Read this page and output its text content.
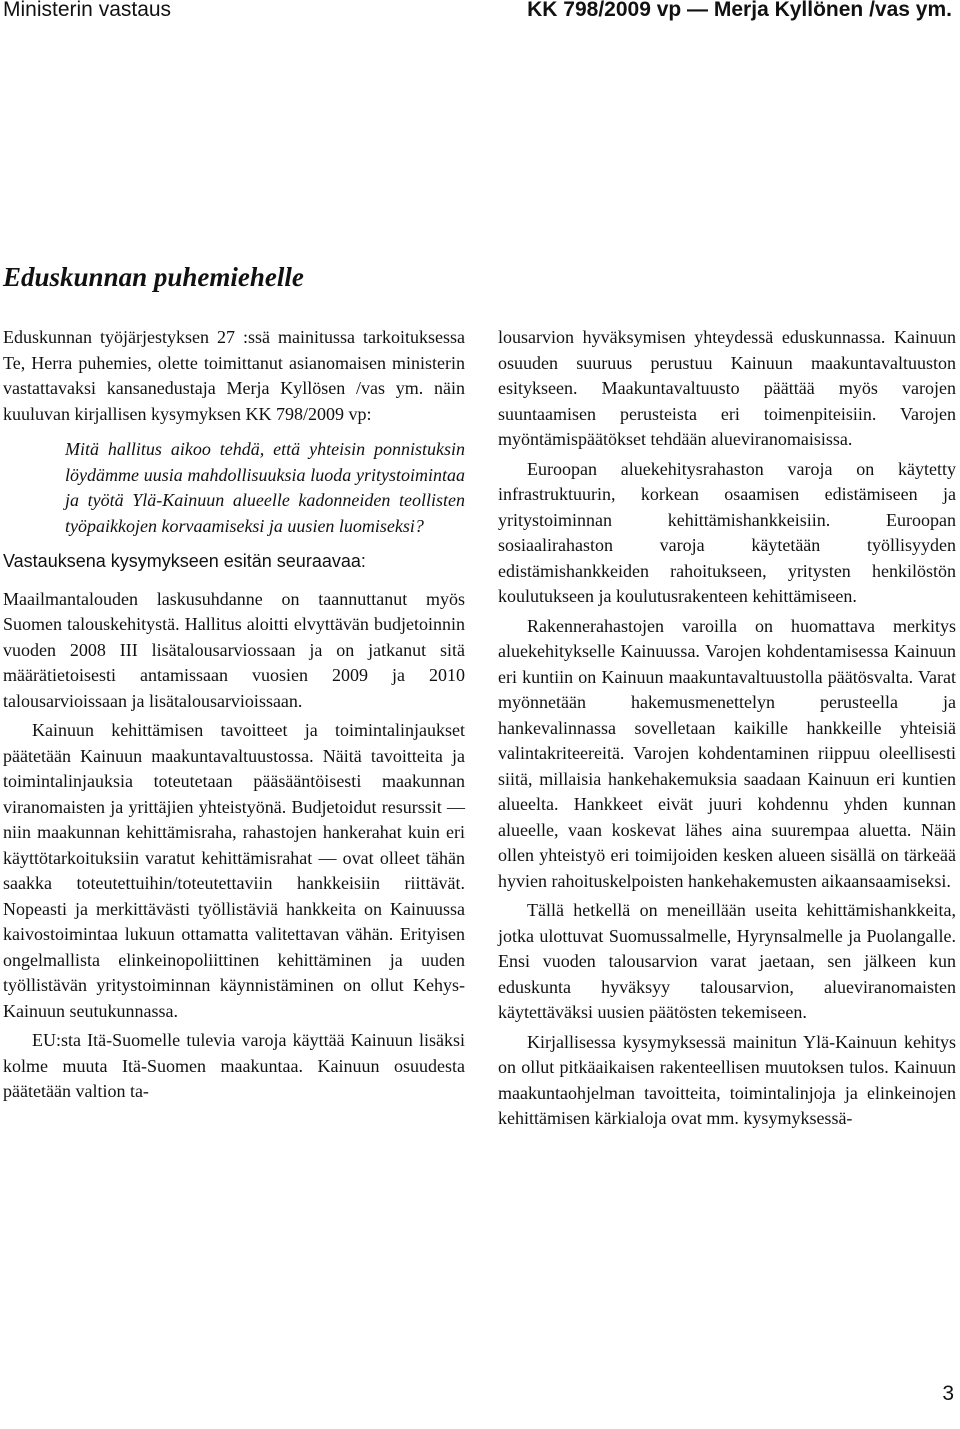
Ministerin vastaus	KK 798/2009 vp — Merja Kyllönen /vas ym.
Eduskunnan puhemiehelle

Eduskunnan työjärjestyksen 27 :ssä mainitussa tarkoituksessa Te, Herra puhemies, olette toimittanut asianomaisen ministerin vastattavaksi kansanedustaja Merja Kyllösen /vas ym. näin kuuluvan kirjallisen kysymyksen KK 798/2009 vp:

Mitä hallitus aikoo tehdä, että yhteisin ponnistuksin löydämme uusia mahdollisuuksia luoda yritystoimintaa ja työtä Ylä-Kainuun alueelle kadonneiden teollisten työpaikkojen korvaamiseksi ja uusien luomiseksi?

Vastauksena kysymykseen esitän seuraavaa:

Maailmantalouden laskusuhdanne on taannuttanut myös Suomen talouskehitystä. Hallitus aloitti elvyttävän budjetoinnin vuoden 2008 III lisätalousarviossaan ja on jatkanut sitä määrätietoisesti antamissaan vuosien 2009 ja 2010 talousarvioissaan ja lisätalousarvioissaan.

Kainuun kehittämisen tavoitteet ja toimintalinjaukset päätetään Kainuun maakuntavaltuustossa. Näitä tavoitteita ja toimintalinjauksia toteutetaan pääsääntöisesti maakunnan viranomaisten ja yrittäjien yhteistyönä. Budjetoidut resurssit — niin maakunnan kehittämisraha, rahastojen hankerahat kuin eri käyttötarkoituksiin varatut kehittämisrahat — ovat olleet tähän saakka toteutettuihin/toteutettaviin hankkeisiin riittävät. Nopeasti ja merkittävästi työllistäviä hankkeita on Kainuussa kaivostoimintaa lukuun ottamatta valitettavan vähän. Erityisen ongelmallista elinkeinopoliittinen kehittäminen ja uuden työllistävän yritystoiminnan käynnistäminen on ollut Kehys-Kainuun seutukunnassa.

EU:sta Itä-Suomelle tulevia varoja käyttää Kainuun lisäksi kolme muuta Itä-Suomen maakuntaa. Kainuun osuudesta päätetään valtion ta-

lousarvion hyväksymisen yhteydessä eduskunnassa. Kainuun osuuden suuruus perustuu Kainuun maakuntavaltuuston esitykseen. Maakuntavaltuusto päättää myös varojen suuntaamisen perusteista eri toimenpiteisiin. Varojen myöntämispäätökset tehdään alueviranomaisissa.

Euroopan aluekehitysrahaston varoja on käytetty infrastruktuurin, korkean osaamisen edistämiseen ja yritystoiminnan kehittämishankkeisiin. Euroopan sosiaalirahaston varoja käytetään työllisyyden edistämishankkeiden rahoitukseen, yritysten henkilöstön koulutukseen ja koulutusrakenteen kehittämiseen.

Rakennerahastojen varoilla on huomattava merkitys aluekehitykselle Kainuussa. Varojen kohdentamisessa Kainuun eri kuntiin on Kainuun maakuntavaltuustolla päätösvalta. Varat myönnetään hakemusmenettelyn perusteella ja hankevalinnassa sovelletaan kaikille hankkeille yhteisiä valintakriteereitä. Varojen kohdentaminen riippuu oleellisesti siitä, millaisia hankehakemuksia saadaan Kainuun eri kuntien alueelta. Hankkeet eivät juuri kohdennu yhden kunnan alueelle, vaan koskevat lähes aina suurempaa aluetta. Näin ollen yhteistyö eri toimijoiden kesken alueen sisällä on tärkeää hyvien rahoituskelpoisten hankehakemusten aikaansaamiseksi.

Tällä hetkellä on meneillään useita kehittämishankkeita, jotka ulottuvat Suomussalmelle, Hyrynsalmelle ja Puolangalle. Ensi vuoden talousarvion varat jaetaan, sen jälkeen kun eduskunta hyväksyy talousarvion, alueviranomaisten käytettäväksi uusien päätösten tekemiseen.

Kirjallisessa kysymyksessä mainitun Ylä-Kainuun kehitys on ollut pitkäaikaisen rakenteellisen muutoksen tulos. Kainuun maakuntaohjelman tavoitteita, toimintalinjoja ja elinkeinojen kehittämisen kärkialoja ovat mm. kysymyksessä-

3
